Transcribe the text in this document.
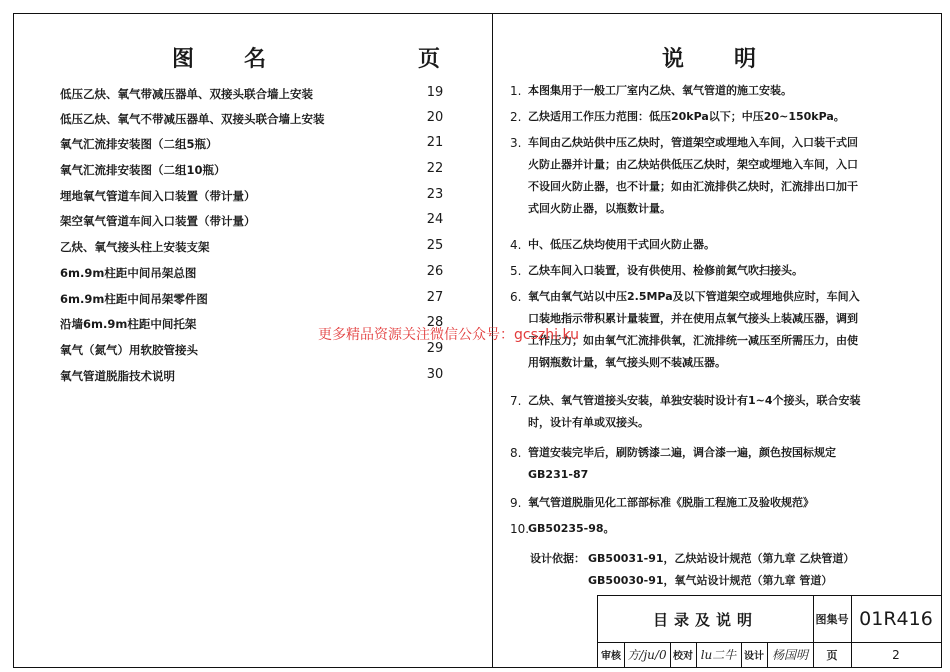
图　　名	页
低压乙炔、氧气带减压器单、双接头联合墙上安装	19
低压乙炔、氧气不带减压器单、双接头联合墙上安装	20
氧气汇流排安装图（二组5瓶）	21
氧气汇流排安装图（二组10瓶）	22
埋地氧气管道车间入口装置（带计量）	23
架空氧气管道车间入口装置（带计量）	24
乙炔、氧气接头柱上安装支架	25
6m.9m柱距中间吊架总图	26
6m.9m柱距中间吊架零件图	27
沿墙6m.9m柱距中间托架	28
氧气（氮气）用软胶管接头	29
氧气管道脱脂技术说明	30
说　　明
1. 本图集用于一般工厂室内乙炔、氧气管道的施工安装。
2. 乙炔适用工作压力范围：低压20kPa以下；中压20~150kPa。
3. 车间由乙炔站供中压乙炔时，管道架空或埋地入车间，入口装干式回火防止器并计量；由乙炔站供低压乙炔时，架空或埋地入车间，入口不设回火防止器，也不计量；如由汇流排供乙炔时，汇流排出口加干式回火防止器，以瓶数计量。
4. 中、低压乙炔均使用干式回火防止器。
5. 乙炔车间入口装置，设有供使用、检修前氮气吹扫接头。
6. 氧气由氧气站以中压2.5MPa及以下管道架空或埋地供应时，车间入口装地指示带积累计量装置，并在使用点氧气接头上装减压器，调到工作压力；如由氧气汇流排供氧，汇流排统一减压至所需压力，由使用钢瓶数计量，氧气接头则不装减压器。
7. 乙炔、氧气管道接头安装，单独安装时设计有1~4个接头，联合安装时，设计有单或双接头。
8. 管道安装完毕后，刷防锈漆二遍，调合漆一遍，颜色按国标规定GB231-87
9. 氧气管道脱脂见化工部部标准《脱脂工程施工及验收规范》
10.
GB50235-98。
设计依据： GB50031-91，乙炔站设计规范（第九章 乙炔管道）
GB50030-91，氧气站设计规范（第九章 管道）
更多精品资源关注微信公众号：gcszhi.ku
目录及说明	图集号 01R416
审核 方/ju/0 校对 lu二牛 设计 杨国明	页	2
